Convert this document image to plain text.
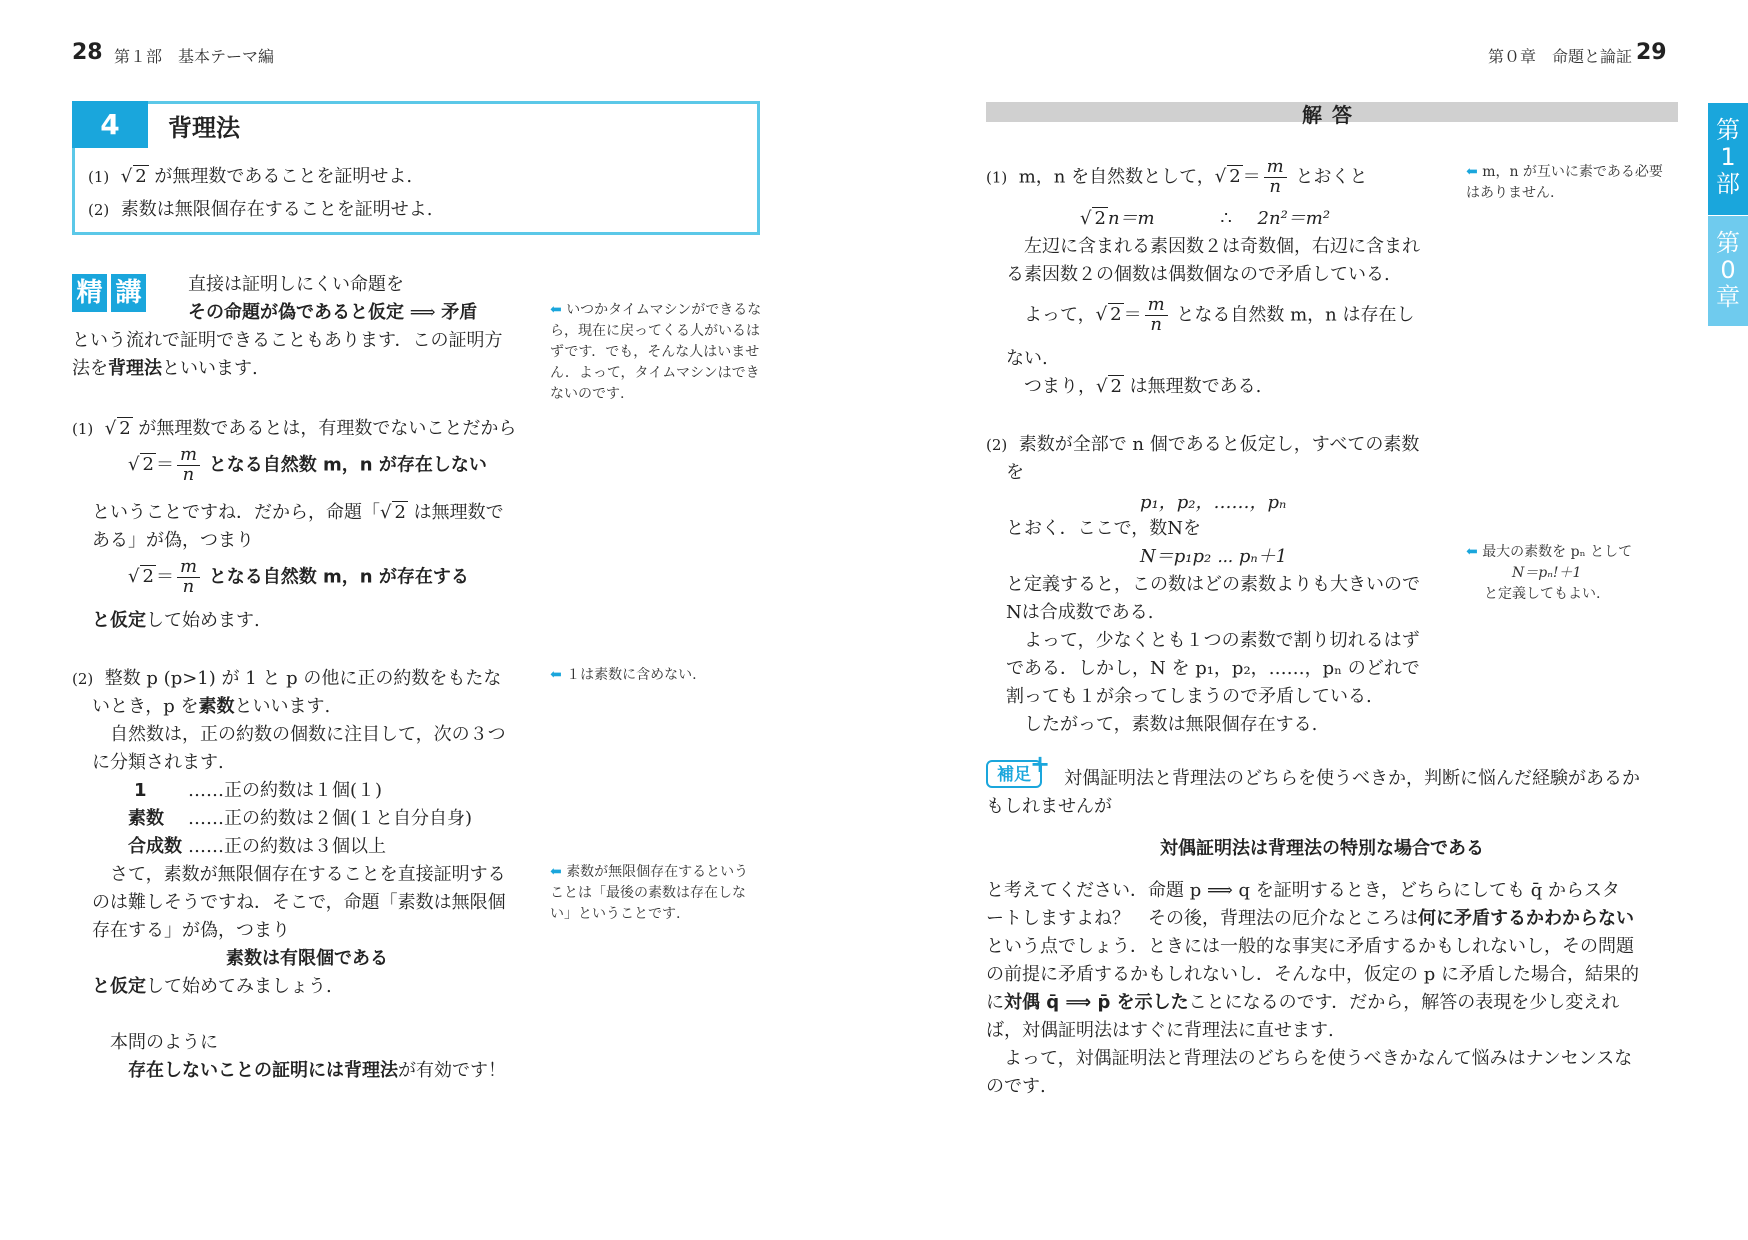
28 第１部　基本テーマ編
4	背理法
(1) √ 2 が無理数であることを証明せよ.
(2) 素数は無限個存在することを証明せよ.
精 講	直接は証明しにくい命題を
その命題が偽であると仮定 ⟹ 矛盾
という流れで証明できることもあります．この証明方
法を背理法といいます.
⬅ いつかタイムマシンができるなら，現在に戻ってくる人がいるはずです．でも，そんな人はいません．よって，タイムマシンはできないのです.
(1) √ 2 が無理数であるとは，有理数でないことだから
√ $2 = \frac{m}{n}$ となる自然数 m，n が存在しない
ということですね．だから，命題「√ 2 は無理数で
ある」が偽，つまり
√ $2 = \frac{m}{n}$ となる自然数 m，n が存在する
と仮定して始めます.
(2) 整数 p (p>1) が 1 と p の他に正の約数をもたな
いとき，p を素数といいます.
自然数は，正の約数の個数に注目して，次の３つ
に分類されます.
1 ……正の約数は１個(１)
素数 ……正の約数は２個(１と自分自身)
合成数 ……正の約数は３個以上
さて，素数が無限個存在することを直接証明する
のは難しそうですね．そこで，命題「素数は無限個
存在する」が偽，つまり
素数は有限個である
と仮定して始めてみましょう.
本問のように
存在しないことの証明には背理法が有効です！
⬅ １は素数に含めない.
⬅ 素数が無限個存在するということは「最後の素数は存在しない」ということです.
第０章　命題と論証 29
解答
第1部
第0章
(1) m，n を自然数として，√ $2 = \frac{m}{n}$ とおくと
√ 2 n＝m	∴ 2n²＝m²
左辺に含まれる素因数２は奇数個，右辺に含まれ
る素因数２の個数は偶数個なので矛盾している.
よって，√ $2 = \frac{m}{n}$ となる自然数 m，n は存在し
ない.
つまり，√ 2 は無理数である.
⬅ m，n が互いに素である必要はありません.
(2) 素数が全部で n 個であると仮定し，すべての素数
を
p₁，p₂，……，pₙ
とおく．ここで，数Nを
N＝p₁p₂ ⋯ pₙ＋1
と定義すると，この数はどの素数よりも大きいので
Nは合成数である.
よって，少なくとも１つの素数で割り切れるはず
である．しかし，N を p₁，p₂，……，pₙ のどれで
割っても１が余ってしまうので矛盾している.
したがって，素数は無限個存在する.
⬅ 最大の素数を pₙ として
N＝pₙ!＋1
と定義してもよい.
補足 +
対偶証明法と背理法のどちらを使うべきか，判断に悩んだ経験があるか
もしれませんが
対偶証明法は背理法の特別な場合である
と考えてください．命題 p ⟹ q を証明するとき，どちらにしても q̄ からスタ
ートしますよね？　その後，背理法の厄介なところは何に矛盾するかわからない
という点でしょう．ときには一般的な事実に矛盾するかもしれないし，その問題
の前提に矛盾するかもしれないし．そんな中，仮定の p に矛盾した場合，結果的
に対偶 q̄ ⟹ p̄ を示したことになるのです．だから，解答の表現を少し変えれ
ば，対偶証明法はすぐに背理法に直せます.
よって，対偶証明法と背理法のどちらを使うべきかなんて悩みはナンセンスな
のです.
